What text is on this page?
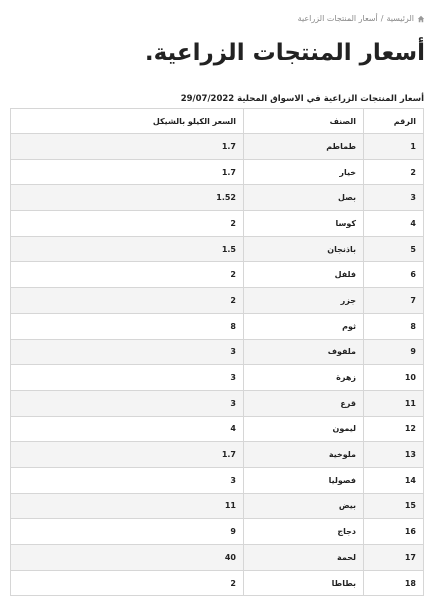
الرئيسية
/
أسعار المنتجات الزراعية
أسعار المنتجات الزراعية.
أسعار المنتجات الزراعية في الاسواق المحلية 29/07/2022
الرقم	الصنف	السعر الكيلو بالشيكل
1	طماطم	1.7
2	خيار	1.7
3	بصل	1.52
4	كوسا	2
5	باذنجان	1.5
6	فلفل	2
7	جزر	2
8	ثوم	8
9	ملفوف	3
10	زهرة	3
11	قرع	3
12	ليمون	4
13	ملوخية	1.7
14	فصوليا	3
15	بيض	11
16	دجاج	9
17	لحمة	40
18	بطاطا	2
